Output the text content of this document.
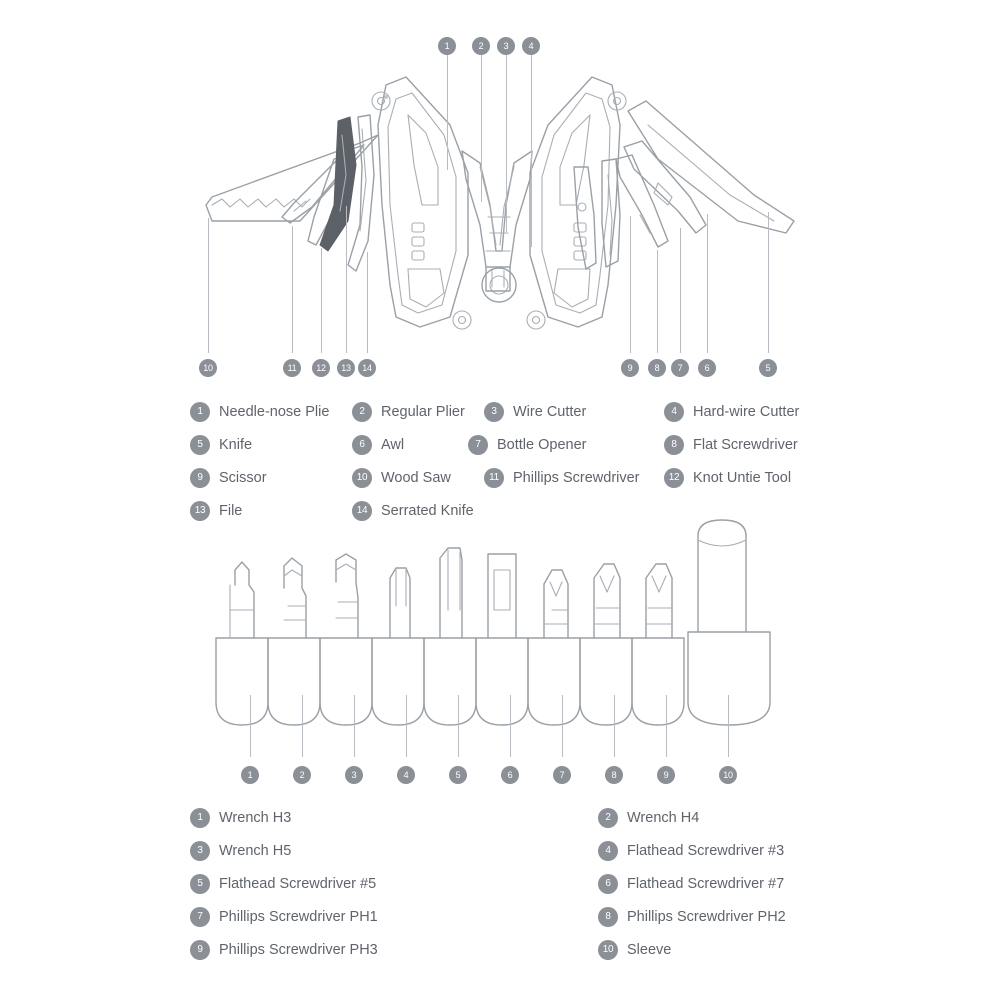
1	2	3	4
10	11	12	13	14	9	8	7	6	5
1	Needle-nose Plie	2	Regular Plier	3	Wire Cutter	4	Hard-wire Cutter
5	Knife	6	Awl	7	Bottle Opener	8	Flat Screwdriver
9	Scissor	10 Wood Saw	11 Phillips Screwdriver	12 Knot Untie Tool
13 File	14 Serrated Knife
1	2	3	4	5	6	7	8	9	10
1	Wrench H3	2	Wrench H4
3	Wrench H5	4	Flathead Screwdriver #3
5	Flathead Screwdriver #5	6	Flathead Screwdriver #7
7	Phillips Screwdriver PH1	8	Phillips Screwdriver PH2
9	Phillips Screwdriver PH3	10 Sleeve
